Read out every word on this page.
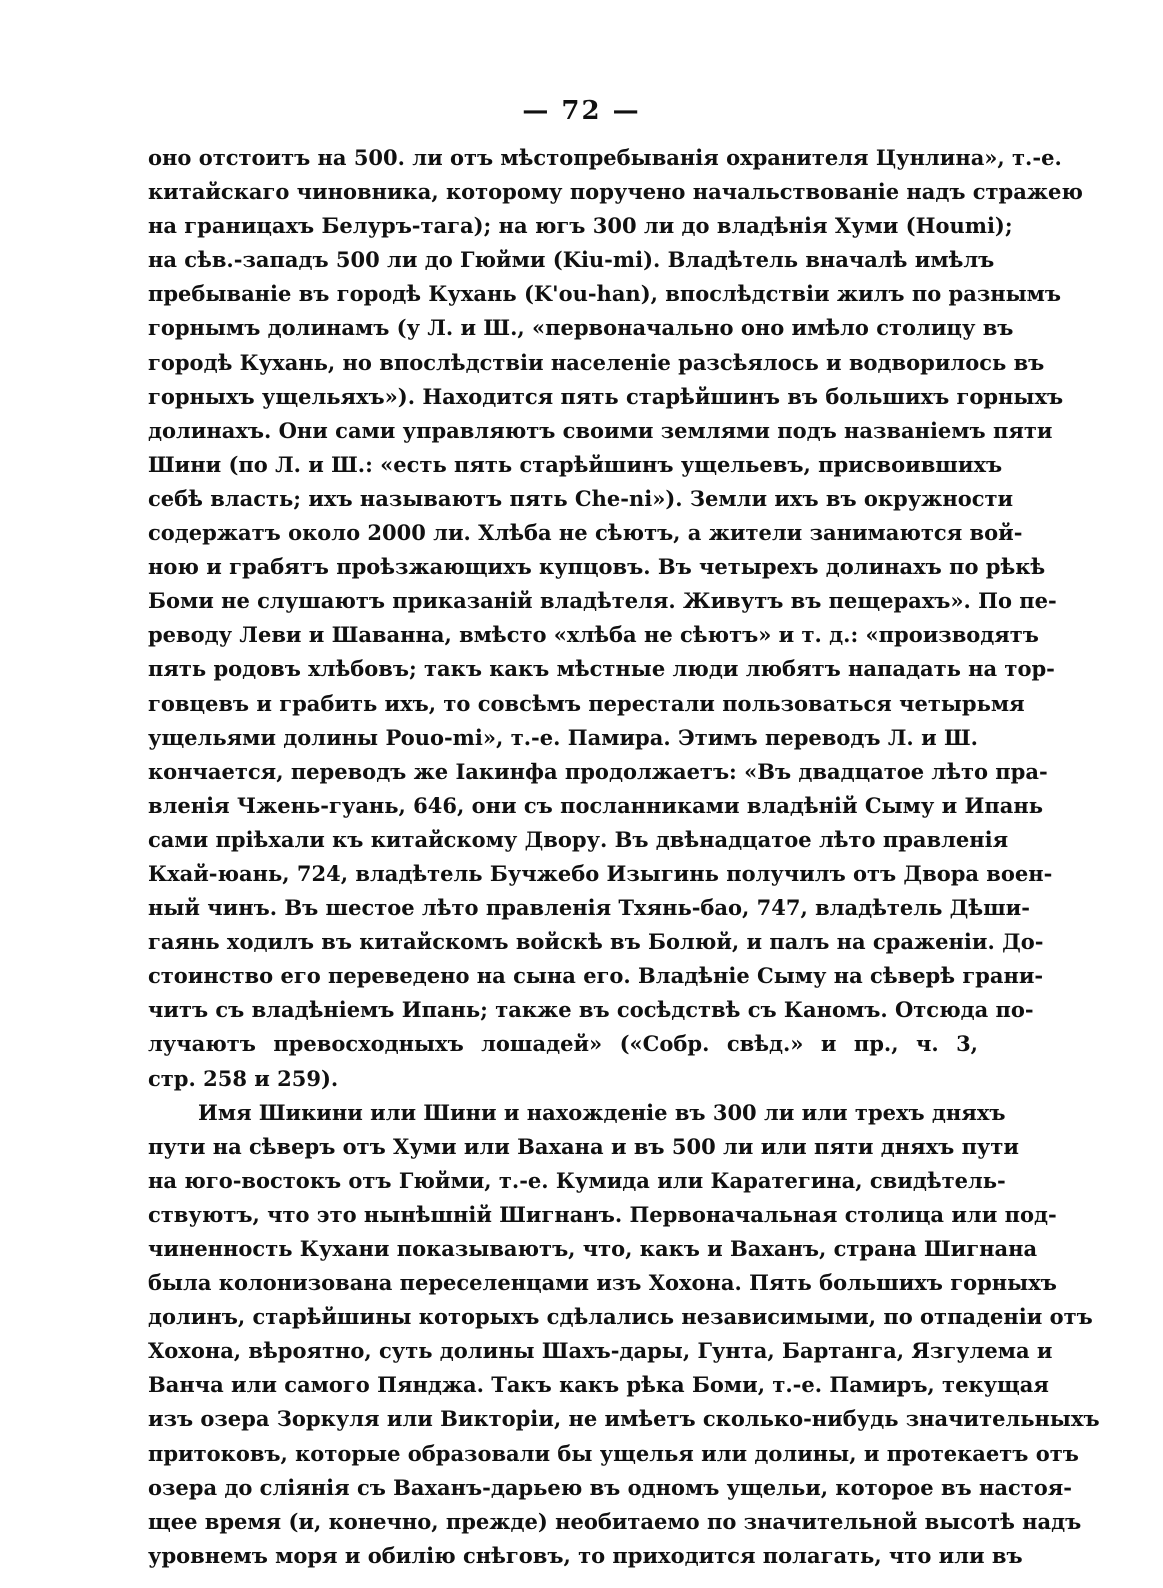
— 72 —
оно отстоитъ на 500. ли отъ мѣстопребыванія охранителя Цунлина», т.-е.
китайскаго чиновника, которому поручено начальствованіе надъ стражею
на границахъ Белуръ-тага); на югъ 300 ли до владѣнія Хуми (Houmi);
на сѣв.-западъ 500 ли до Гюйми (Kiu-mi). Владѣтель вначалѣ имѣлъ
пребываніе въ городѣ Кухань (K'ou-han), впослѣдствіи жилъ по разнымъ
горнымъ долинамъ (у Л. и Ш., «первоначально оно имѣло столицу въ
городѣ Кухань, но впослѣдствіи населеніе разсѣялось и водворилось въ
горныхъ ущельяхъ»). Находится пять старѣйшинъ въ большихъ горныхъ
долинахъ. Они сами управляютъ своими землями подъ названіемъ пяти
Шини (по Л. и Ш.: «есть пять старѣйшинъ ущельевъ, присвоившихъ
себѣ власть; ихъ называютъ пять Che-ni»). Земли ихъ въ окружности
содержатъ около 2000 ли. Хлѣба не сѣютъ, а жители занимаются вой-
ною и грабятъ проѣзжающихъ купцовъ. Въ четырехъ долинахъ по рѣкѣ
Боми не слушаютъ приказаній владѣтеля. Живутъ въ пещерахъ». По пе-
реводу Леви и Шаванна, вмѣсто «хлѣба не сѣютъ» и т. д.: «производятъ
пять родовъ хлѣбовъ; такъ какъ мѣстные люди любятъ нападать на тор-
говцевъ и грабить ихъ, то совсѣмъ перестали пользоваться четырьмя
ущельями долины Pouo-mi», т.-е. Памира. Этимъ переводъ Л. и Ш.
кончается, переводъ же Іакинфа продолжаетъ: «Въ двадцатое лѣто пра-
вленія Чжень-гуань, 646, они съ посланниками владѣній Сыму и Ипань
сами пріѣхали къ китайскому Двору. Въ двѣнадцатое лѣто правленія
Кхай-юань, 724, владѣтель Бучжебо Изыгинь получилъ отъ Двора воен-
ный чинъ. Въ шестое лѣто правленія Тхянь-бао, 747, владѣтель Дѣши-
гаянь ходилъ въ китайскомъ войскѣ въ Болюй, и палъ на сраженіи. До-
стоинство его переведено на сына его. Владѣніе Сыму на сѣверѣ грани-
читъ съ владѣніемъ Ипань; также въ сосѣдствѣ съ Каномъ. Отсюда по-
лучаютъ превосходныхъ лошадей» («Собр. свѣд.» и пр., ч. 3,
стр. 258 и 259).
Имя Шикини или Шини и нахожденіе въ 300 ли или трехъ дняхъ
пути на сѣверъ отъ Хуми или Вахана и въ 500 ли или пяти дняхъ пути
на юго-востокъ отъ Гюйми, т.-е. Кумида или Каратегина, свидѣтель-
ствуютъ, что это нынѣшній Шигнанъ. Первоначальная столица или под-
чиненность Кухани показываютъ, что, какъ и Ваханъ, страна Шигнана
была колонизована переселенцами изъ Хохона. Пять большихъ горныхъ
долинъ, старѣйшины которыхъ сдѣлались независимыми, по отпаденіи отъ
Хохона, вѣроятно, суть долины Шахъ-дары, Гунта, Бартанга, Язгулема и
Ванча или самого Пянджа. Такъ какъ рѣка Боми, т.-е. Памиръ, текущая
изъ озера Зоркуля или Викторіи, не имѣетъ сколько-нибудь значительныхъ
притоковъ, которые образовали бы ущелья или долины, и протекаетъ отъ
озера до сліянія съ Ваханъ-дарьею въ одномъ ущельи, которое въ настоя-
щее время (и, конечно, прежде) необитаемо по значительной высотѣ надъ
уровнемъ моря и обилію снѣговъ, то приходится полагать, что или въ
